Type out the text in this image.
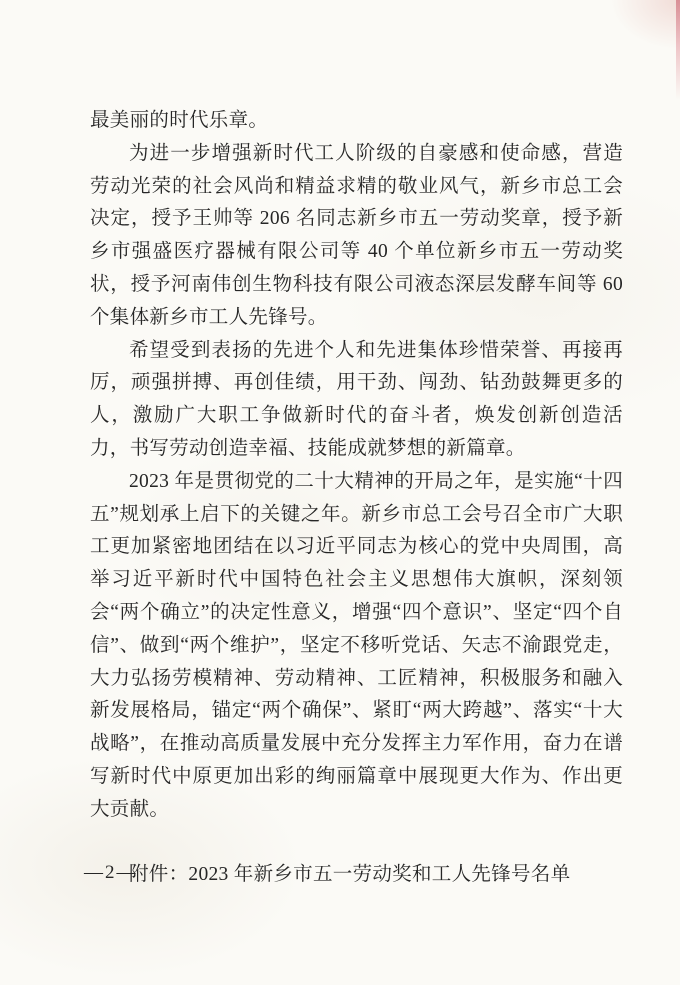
最美丽的时代乐章。

为进一步增强新时代工人阶级的自豪感和使命感，营造劳动光荣的社会风尚和精益求精的敬业风气，新乡市总工会决定，授予王帅等 206 名同志新乡市五一劳动奖章，授予新乡市强盛医疗器械有限公司等 40 个单位新乡市五一劳动奖状，授予河南伟创生物科技有限公司液态深层发酵车间等 60 个集体新乡市工人先锋号。

希望受到表扬的先进个人和先进集体珍惜荣誉、再接再厉，顽强拼搏、再创佳绩，用干劲、闯劲、钻劲鼓舞更多的人，激励广大职工争做新时代的奋斗者，焕发创新创造活力，书写劳动创造幸福、技能成就梦想的新篇章。

2023 年是贯彻党的二十大精神的开局之年，是实施“十四五”规划承上启下的关键之年。新乡市总工会号召全市广大职工更加紧密地团结在以习近平同志为核心的党中央周围，高举习近平新时代中国特色社会主义思想伟大旗帜，深刻领会“两个确立”的决定性意义，增强“四个意识”、坚定“四个自信”、做到“两个维护”，坚定不移听党话、矢志不渝跟党走，大力弘扬劳模精神、劳动精神、工匠精神，积极服务和融入新发展格局，锚定“两个确保”、紧盯“两大跨越”、落实“十大战略”，在推动高质量发展中充分发挥主力军作用，奋力在谱写新时代中原更加出彩的绚丽篇章中展现更大作为、作出更大贡献。

附件：2023 年新乡市五一劳动奖和工人先锋号名单

—2—
